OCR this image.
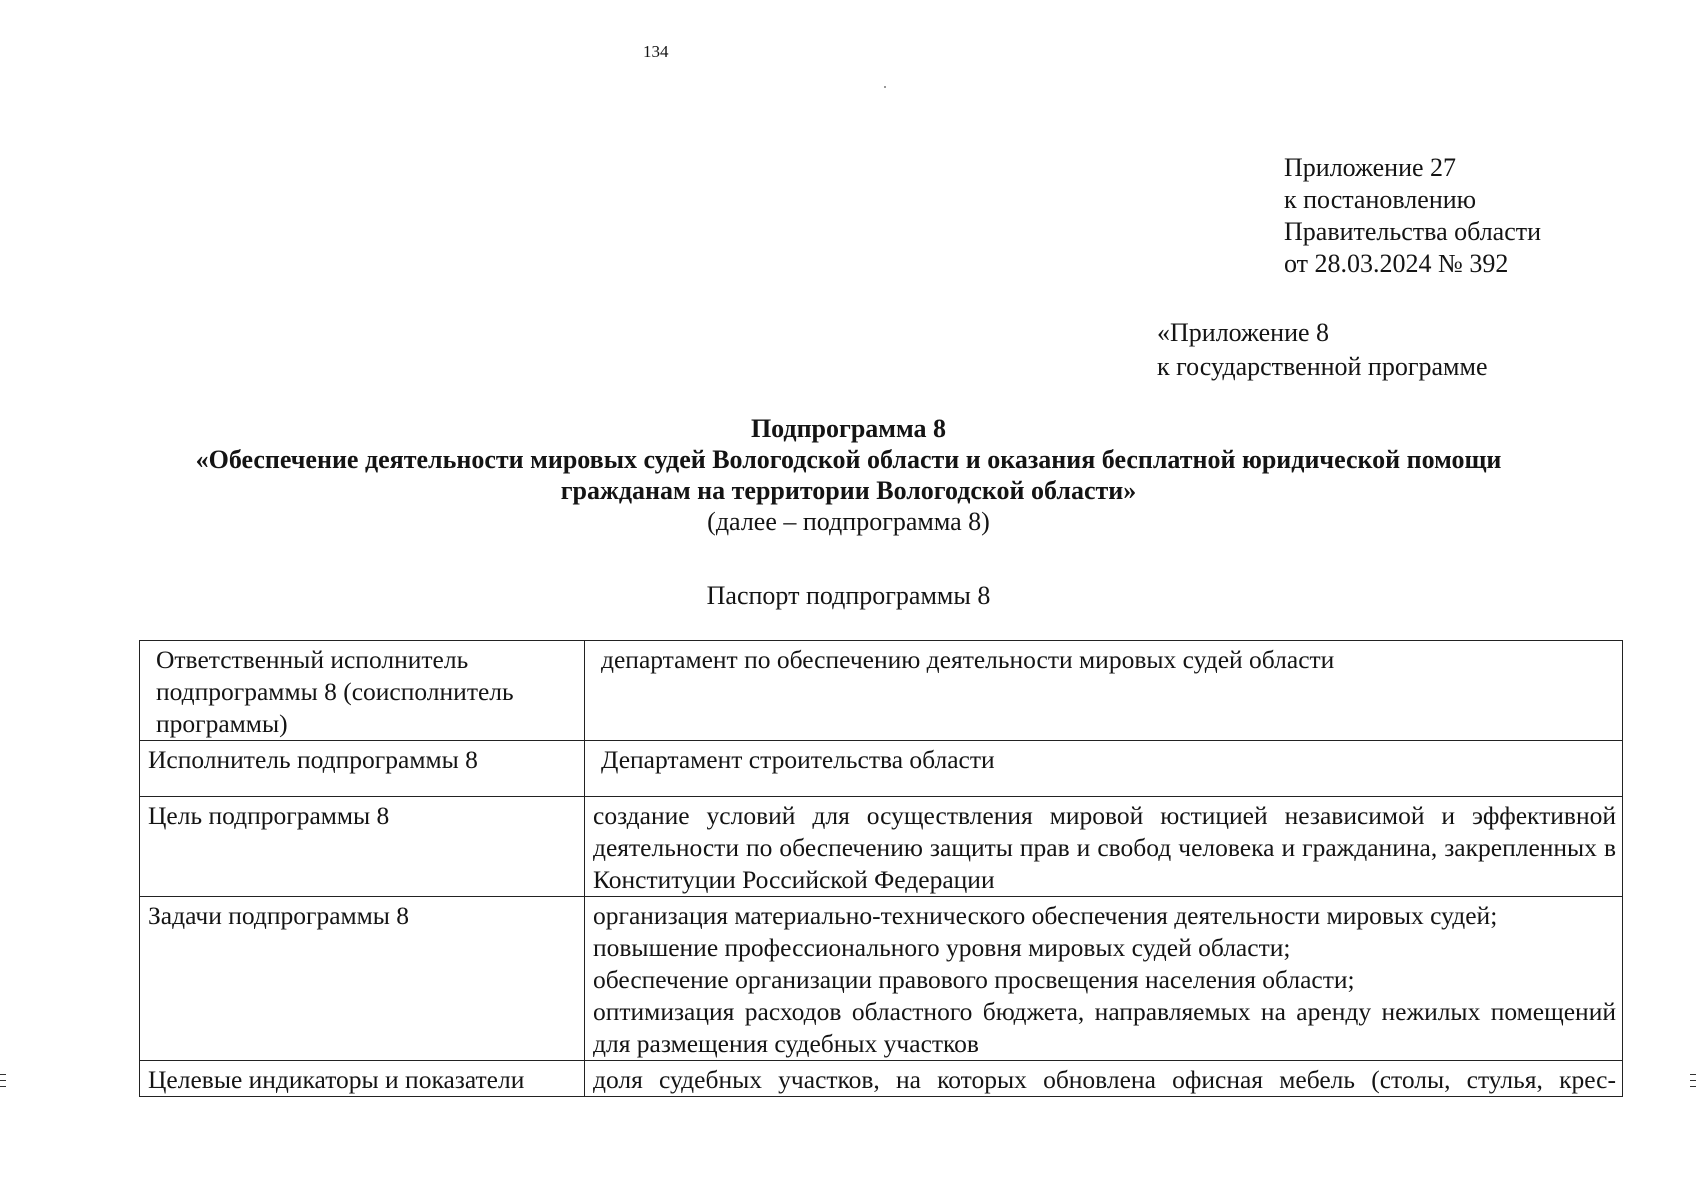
134
Приложение 27
к постановлению
Правительства области
от 28.03.2024 № 392
«Приложение 8
к государственной программе
Подпрограмма 8
«Обеспечение деятельности мировых судей Вологодской области и оказания бесплатной юридической помощи
гражданам на территории Вологодской области»
(далее – подпрограмма 8)
Паспорт подпрограммы 8
Ответственный исполнитель подпрограммы 8 (соисполнитель программы)	департамент по обеспечению деятельности мировых судей области
Исполнитель подпрограммы 8	Департамент строительства области
Цель подпрограммы 8	создание условий для осуществления мировой юстицией независимой и эффективной деятельности по обеспечению защиты прав и свобод человека и гражданина, закрепленных в Конституции Российской Федерации
Задачи подпрограммы 8	организация материально-технического обеспечения деятельности мировых судей;
повышение профессионального уровня мировых судей области;
обеспечение организации правового просвещения населения области;
оптимизация расходов областного бюджета, направляемых на аренду нежилых помещений для размещения судебных участков

Целевые индикаторы и показатели	доля судебных участков, на которых обновлена офисная мебель (столы, стулья, крес-
